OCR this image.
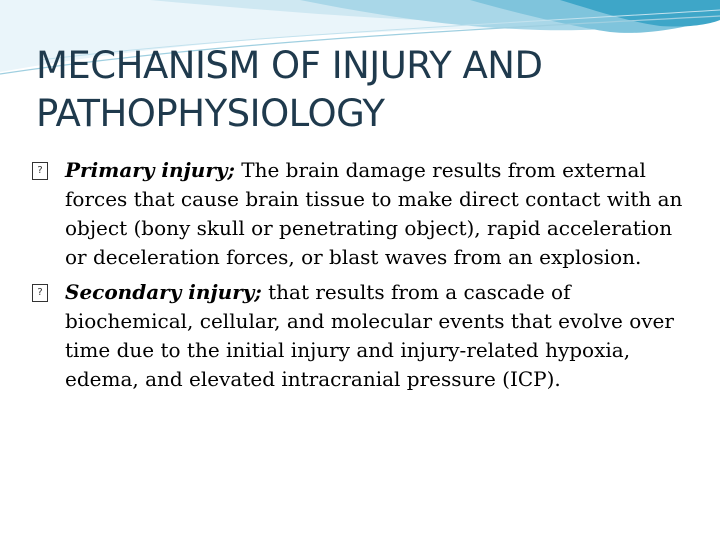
MECHANISM OF INJURY AND
PATHOPHYSIOLOGY

? Primary injury; The brain damage results from external forces that cause brain tissue to make direct contact with an object (bony skull or penetrating object), rapid acceleration or deceleration forces, or blast waves from an explosion.

? Secondary injury; that results from a cascade of biochemical, cellular, and molecular events that evolve over time due to the initial injury and injury-related hypoxia, edema, and elevated intracranial pressure (ICP).
